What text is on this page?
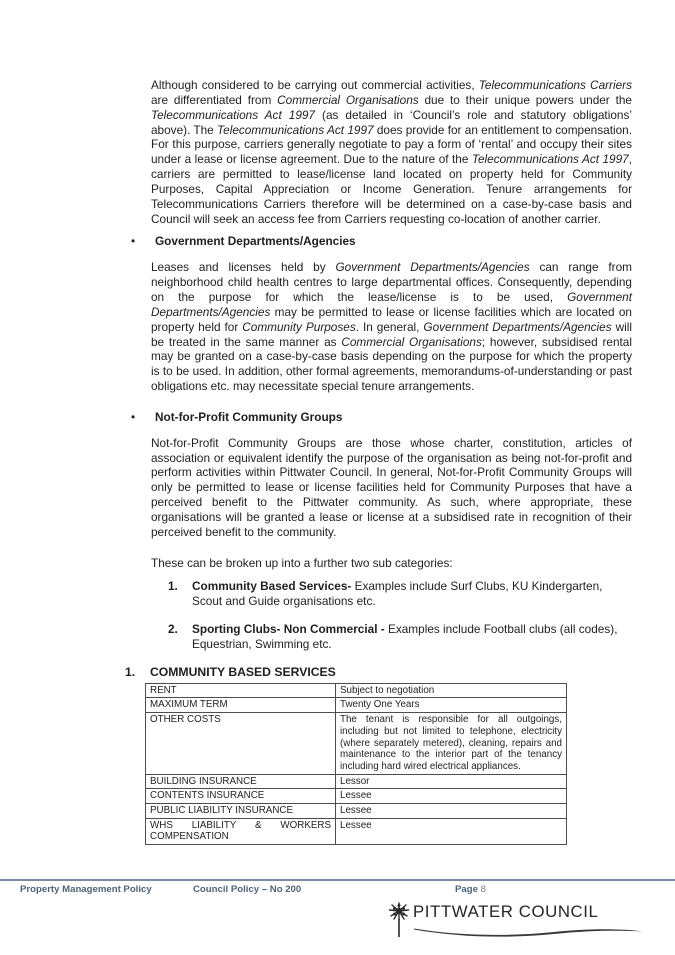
Although considered to be carrying out commercial activities, Telecommunications Carriers are differentiated from Commercial Organisations due to their unique powers under the Telecommunications Act 1997 (as detailed in ‘Council’s role and statutory obligations’ above). The Telecommunications Act 1997 does provide for an entitlement to compensation. For this purpose, carriers generally negotiate to pay a form of ‘rental’ and occupy their sites under a lease or license agreement. Due to the nature of the Telecommunications Act 1997, carriers are permitted to lease/license land located on property held for Community Purposes, Capital Appreciation or Income Generation. Tenure arrangements for Telecommunications Carriers therefore will be determined on a case-by-case basis and Council will seek an access fee from Carriers requesting co-location of another carrier.

• Government Departments/Agencies

Leases and licenses held by Government Departments/Agencies can range from neighborhood child health centres to large departmental offices. Consequently, depending on the purpose for which the lease/license is to be used, Government Departments/Agencies may be permitted to lease or license facilities which are located on property held for Community Purposes. In general, Government Departments/Agencies will be treated in the same manner as Commercial Organisations; however, subsidised rental may be granted on a case-by-case basis depending on the purpose for which the property is to be used. In addition, other formal agreements, memorandums-of-understanding or past obligations etc. may necessitate special tenure arrangements.

• Not-for-Profit Community Groups

Not-for-Profit Community Groups are those whose charter, constitution, articles of association or equivalent identify the purpose of the organisation as being not-for-profit and perform activities within Pittwater Council. In general, Not-for-Profit Community Groups will only be permitted to lease or license facilities held for Community Purposes that have a perceived benefit to the Pittwater community. As such, where appropriate, these organisations will be granted a lease or license at a subsidised rate in recognition of their perceived benefit to the community.

These can be broken up into a further two sub categories:

1. Community Based Services- Examples include Surf Clubs, KU Kindergarten, Scout and Guide organisations etc.
2. Sporting Clubs- Non Commercial - Examples include Football clubs (all codes), Equestrian, Swimming etc.
1. COMMUNITY BASED SERVICES
RENT	Subject to negotiation
MAXIMUM TERM	Twenty One Years
OTHER COSTS	The tenant is responsible for all outgoings, including but not limited to telephone, electricity (where separately metered), cleaning, repairs and maintenance to the interior part of the tenancy including hard wired electrical appliances.
BUILDING INSURANCE	Lessor
CONTENTS INSURANCE	Lessee
PUBLIC LIABILITY INSURANCE	Lessee
WHS LIABILITY & WORKERS COMPENSATION	Lessee
Property Management Policy	Council Policy – No 200	Page 8
PITTWATER COUNCIL
